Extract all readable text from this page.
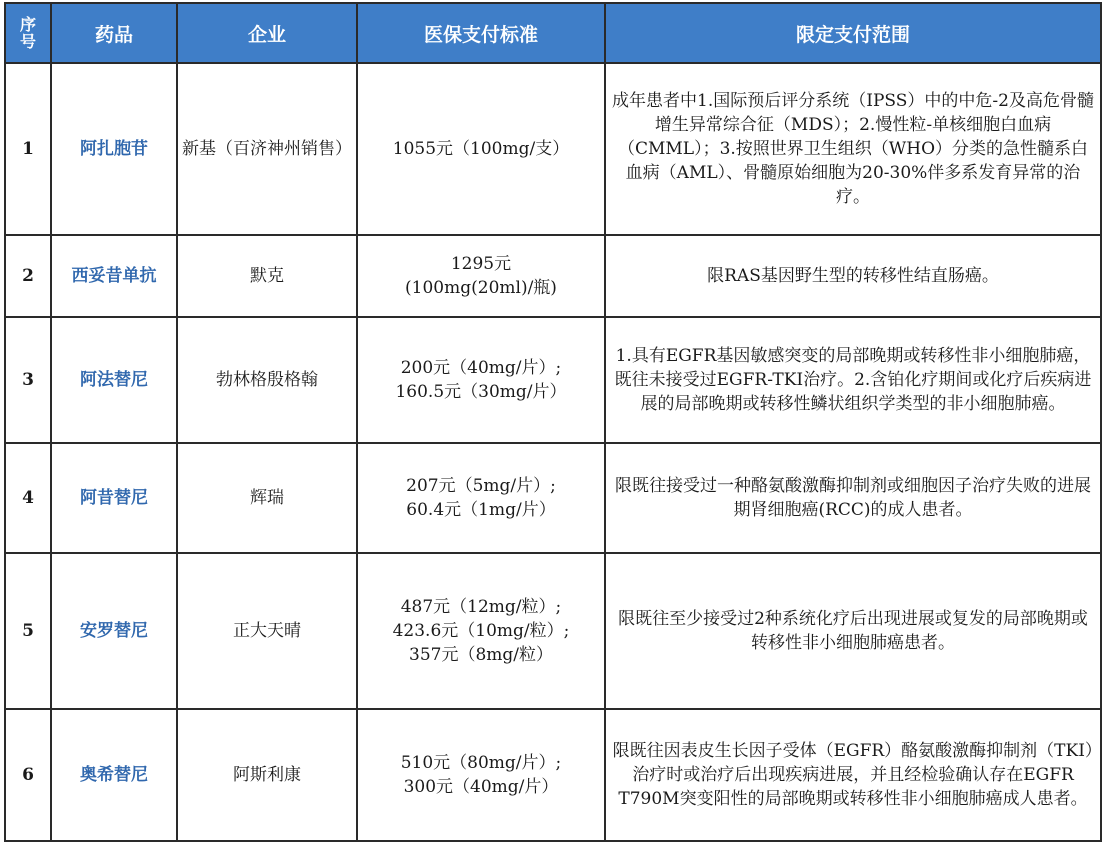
序号	药品	企业	医保支付标准	限定支付范围
1	阿扎胞苷	新基（百济神州销售）	1055元（100mg/支）	成年患者中1.国际预后评分系统（IPSS）中的中危-2及高危骨髓增生异常综合征（MDS）；2.慢性粒-单核细胞白血病（CMML）；3.按照世界卫生组织（WHO）分类的急性髓系白血病（AML）、骨髓原始细胞为20-30%伴多系发育异常的治疗。

2	西妥昔单抗	默克	1295元
(100mg(20ml)/瓶)	限RAS基因野生型的转移性结直肠癌。

3	阿法替尼	勃林格殷格翰	200元（40mg/片）;
160.5元（30mg/片）	1.具有EGFR基因敏感突变的局部晚期或转移性非小细胞肺癌，既往未接受过EGFR-TKI治疗。2.含铂化疗期间或化疗后疾病进展的局部晚期或转移性鳞状组织学类型的非小细胞肺癌。

4	阿昔替尼	辉瑞	207元（5mg/片）;
60.4元（1mg/片）	限既往接受过一种酪氨酸激酶抑制剂或细胞因子治疗失败的进展期肾细胞癌(RCC)的成人患者。

5	安罗替尼	正大天晴	487元（12mg/粒）;
423.6元（10mg/粒）;
357元（8mg/粒）	限既往至少接受过2种系统化疗后出现进展或复发的局部晚期或转移性非小细胞肺癌患者。

6	奥希替尼	阿斯利康	510元（80mg/片）;
300元（40mg/片）	限既往因表皮生长因子受体（EGFR）酪氨酸激酶抑制剂（TKI）治疗时或治疗后出现疾病进展，并且经检验确认存在EGFR T790M突变阳性的局部晚期或转移性非小细胞肺癌成人患者。
